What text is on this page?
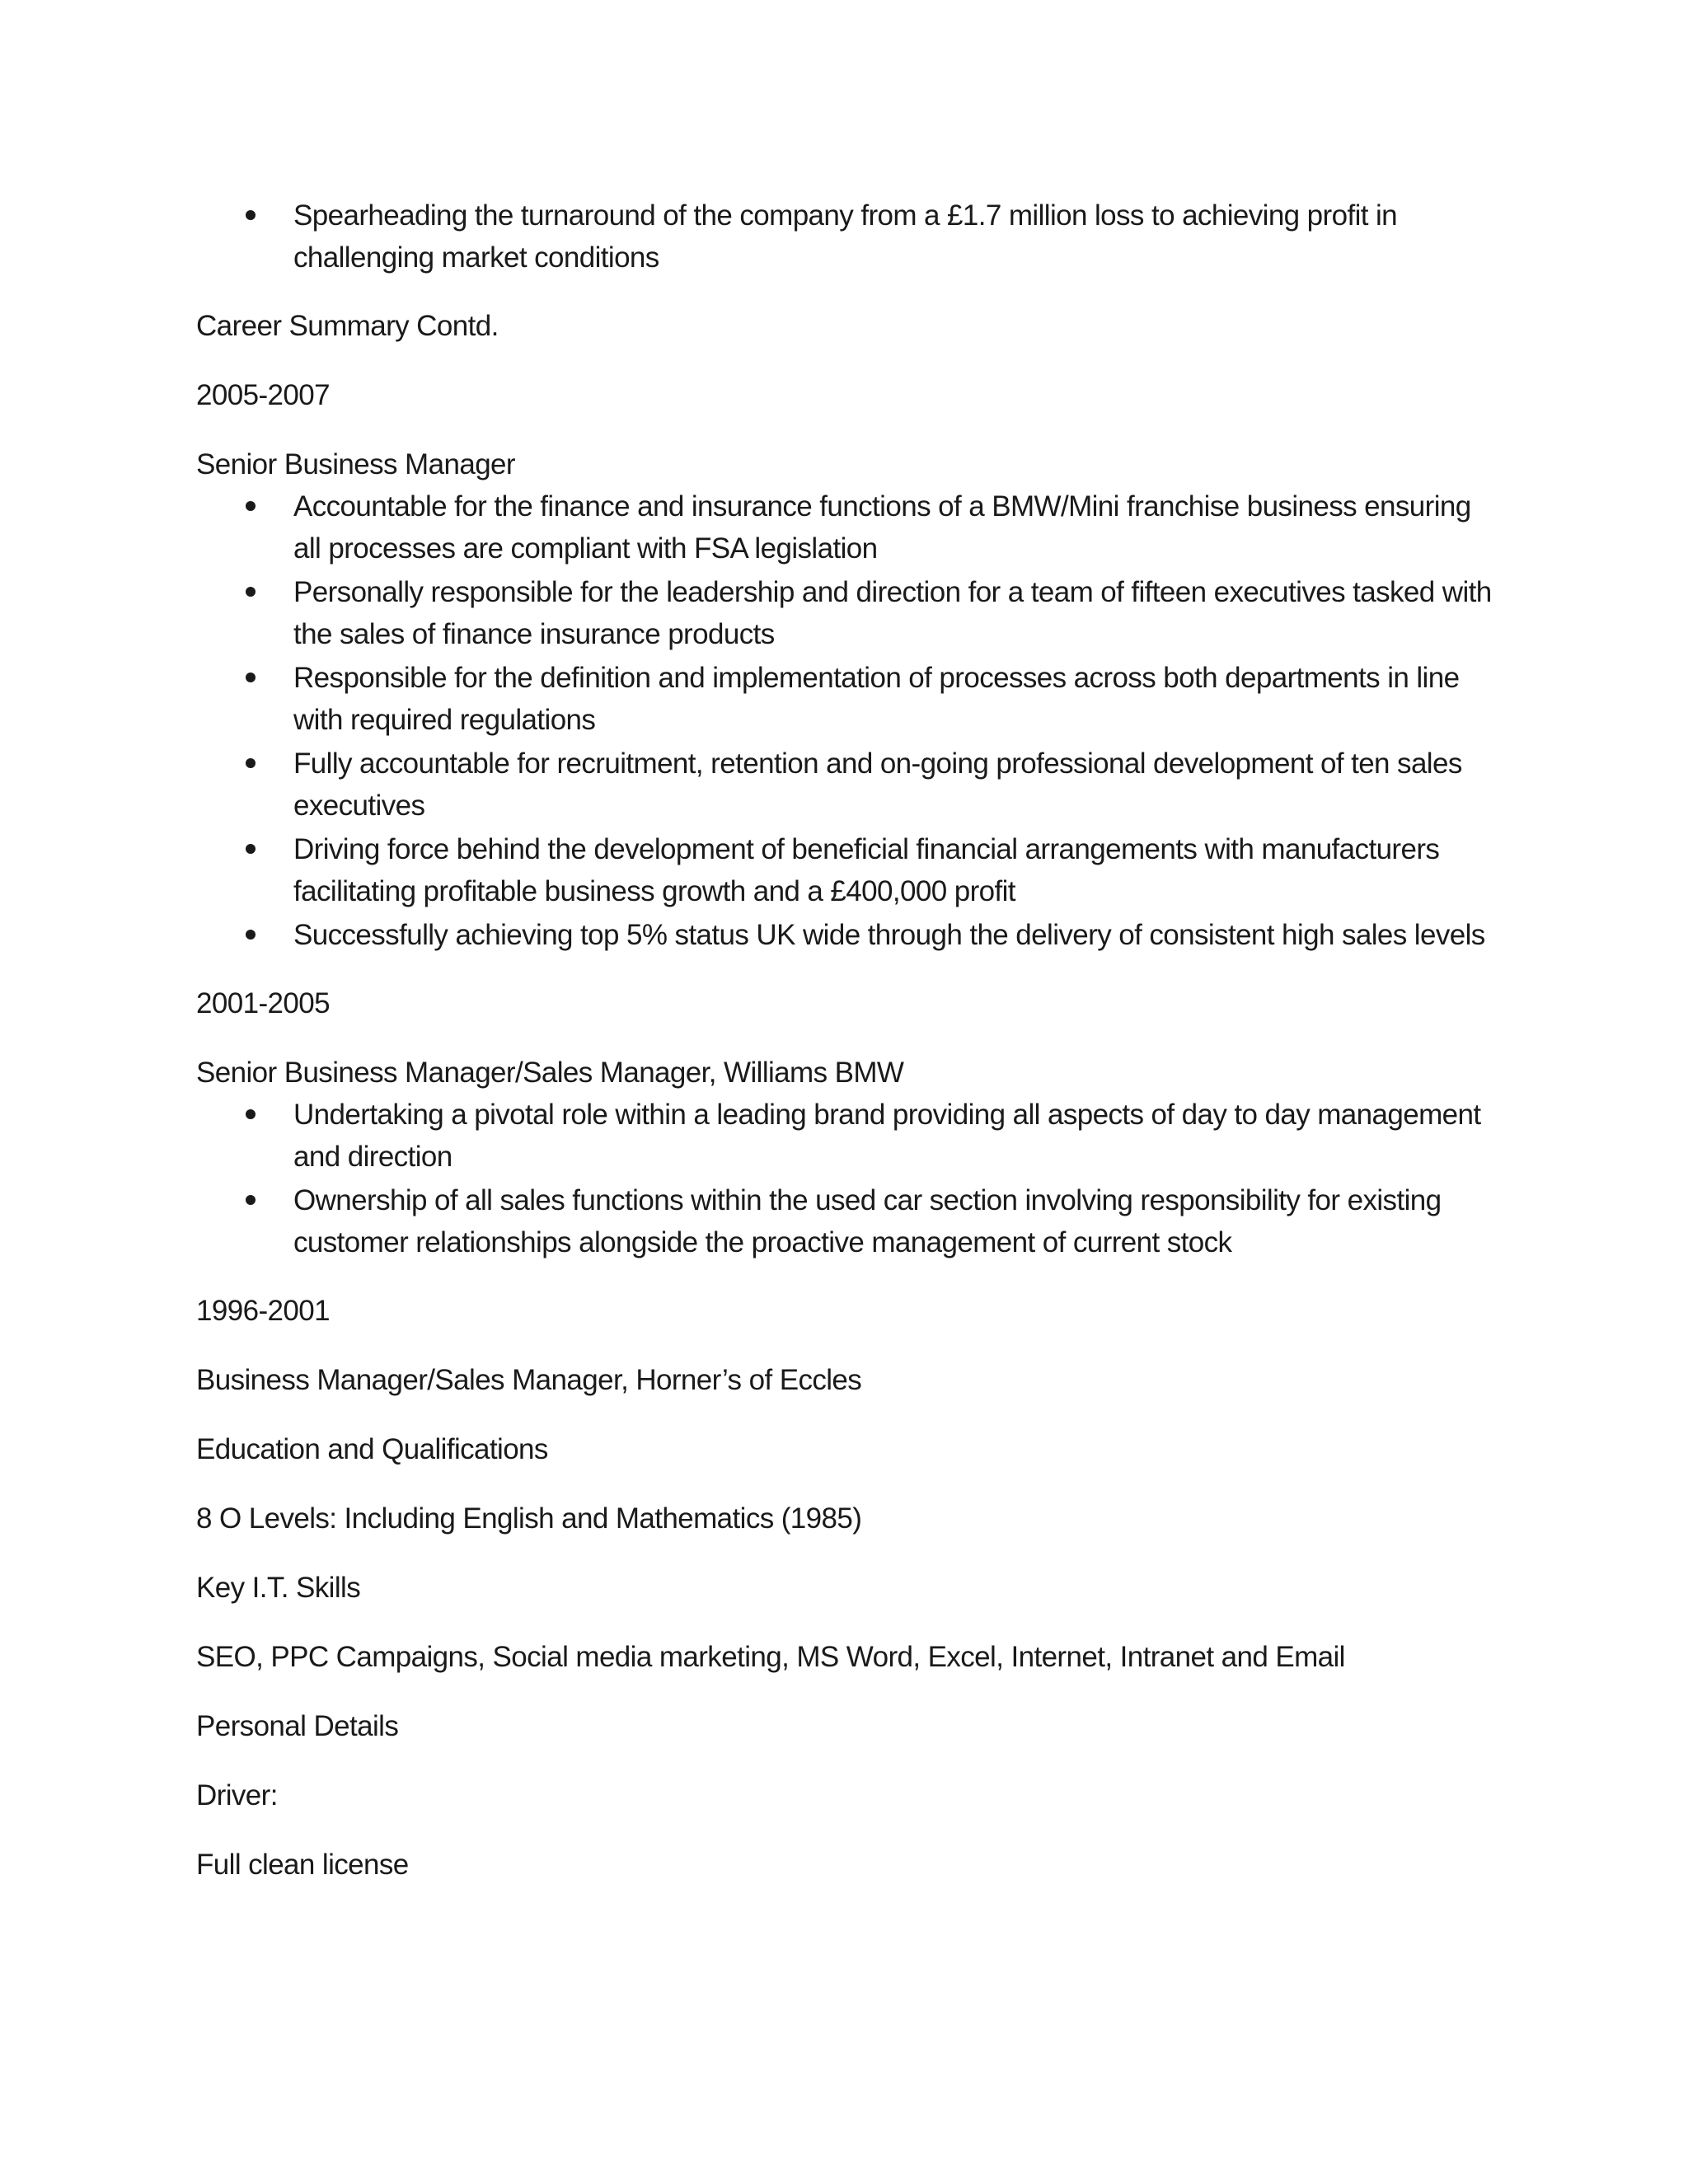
Spearheading the turnaround of the company from a £1.7 million loss to achieving profit in challenging market conditions

Career Summary Contd.

2005-2007

Senior Business Manager

Accountable for the finance and insurance functions of a BMW/Mini franchise business ensuring all processes are compliant with FSA legislation
Personally responsible for the leadership and direction for a team of fifteen executives tasked with the sales of finance insurance products
Responsible for the definition and implementation of processes across both departments in line with required regulations
Fully accountable for recruitment, retention and on-going professional development of ten sales executives
Driving force behind the development of beneficial financial arrangements with manufacturers facilitating profitable business growth and a £400,000 profit
Successfully achieving top 5% status UK wide through the delivery of consistent high sales levels

2001-2005

Senior Business Manager/Sales Manager, Williams BMW

Undertaking a pivotal role within a leading brand providing all aspects of day to day management and direction
Ownership of all sales functions within the used car section involving responsibility for existing customer relationships alongside the proactive management of current stock

1996-2001

Business Manager/Sales Manager, Horner’s of Eccles

Education and Qualifications

8 O Levels: Including English and Mathematics (1985)

Key I.T. Skills

SEO, PPC Campaigns, Social media marketing, MS Word, Excel, Internet, Intranet and Email

Personal Details

Driver:

Full clean license
